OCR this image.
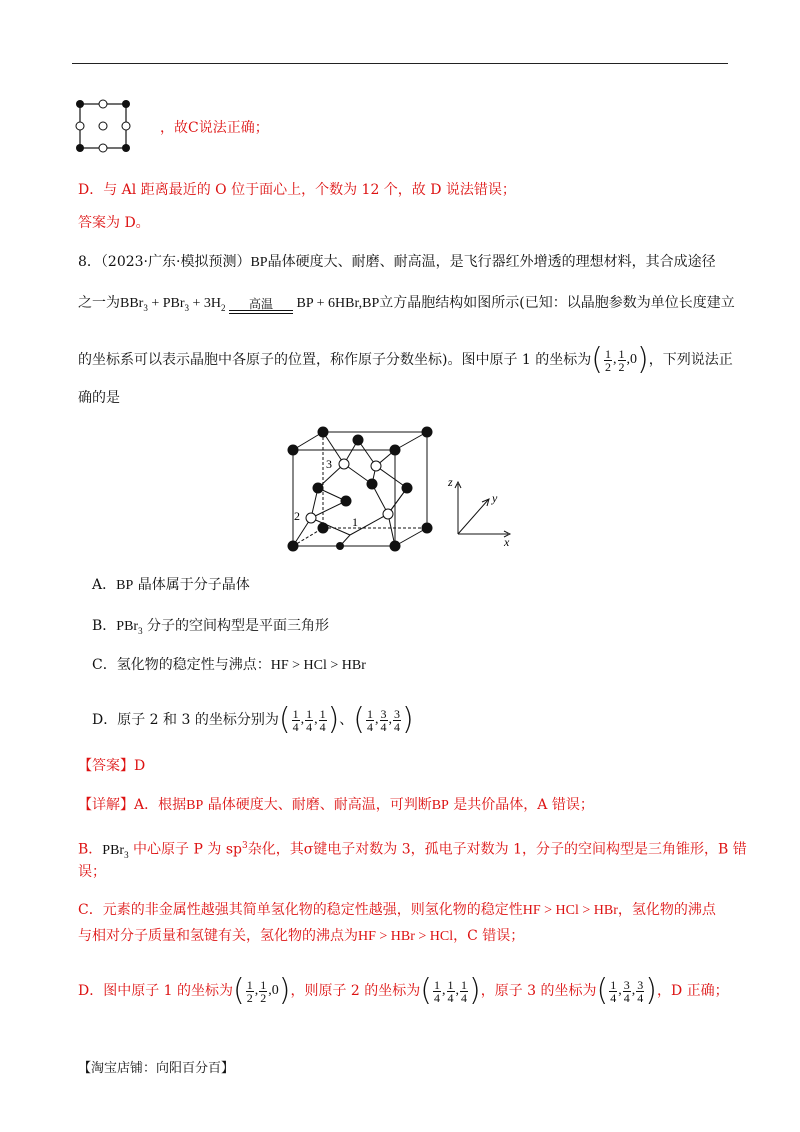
，故C说法正确；
D．与 Al 距离最近的 O 位于面心上，个数为 12 个，故 D 说法错误；
答案为 D。
8．（2023·广东·模拟预测）BP晶体硬度大、耐磨、耐高温，是飞行器红外增透的理想材料，其合成途径
之一为$BBr_3 + PBr_3 + 3H_2$	高温	BP + 6HBr,BP立方晶胞结构如图所示(已知：以晶胞参数为单位长度建立
的坐标系可以表示晶胞中各原子的位置，称作原子分数坐标)。图中原子 1 的坐标为 ( $\frac{1}{2}$ , $\frac{1}{2} ,0$ ) ，下列说法正
确的是
3
2	1
z
y
x
A．BP 晶体属于分子晶体
B．PBr$_3$ 分子的空间构型是平面三角形
C．氢化物的稳定性与沸点：HF > HCl > HBr
D．原子 2 和 3 的坐标分别为 ( $\frac{1}{4}$ , $\frac{1}{4}$ , $\frac{1}{4}$ ) 、 ( $\frac{1}{4}$ , $\frac{3}{4}$ , $\frac{3}{4}$ )
【答案】D
【详解】A．根据BP 晶体硬度大、耐磨、耐高温，可判断BP 是共价晶体，A 错误；
B．PBr$_3$ 中心原子 P 为 $sp^3$杂化，其σ键电子对数为 3，孤电子对数为 1，分子的空间构型是三角锥形，B 错
误；
C．元素的非金属性越强其简单氢化物的稳定性越强，则氢化物的稳定性HF > HCl > HBr，氢化物的沸点
与相对分子质量和氢键有关，氢化物的沸点为HF > HBr > HCl，C 错误；
D．图中原子 1 的坐标为 ( $\frac{1}{2}$ , $\frac{1}{2} ,0$ ) ，则原子 2 的坐标为 ( $\frac{1}{4}$ , $\frac{1}{4}$ , $\frac{1}{4}$ ) ，原子 3 的坐标为 ( $\frac{1}{4}$ , $\frac{3}{4}$ , $\frac{3}{4}$ ) ，D 正确；
【淘宝店铺：向阳百分百】
